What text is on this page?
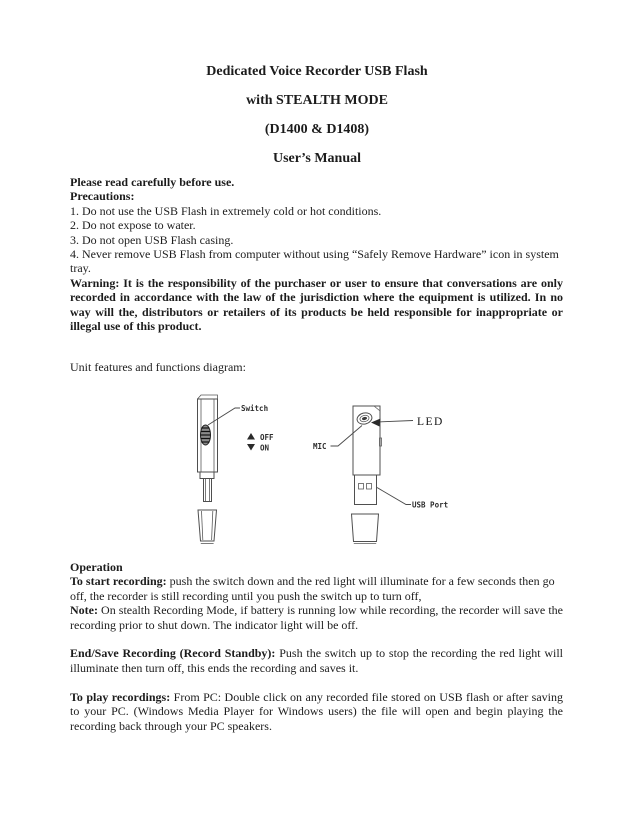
Dedicated Voice Recorder USB Flash
with STEALTH MODE
(D1400 & D1408)
User’s Manual

Please read carefully before use.

Precautions:

1. Do not use the USB Flash in extremely cold or hot conditions.

2. Do not expose to water.

3. Do not open USB Flash casing.

4. Never remove USB Flash from computer without using “Safely Remove Hardware” icon in system tray.

Warning: It is the responsibility of the purchaser or user to ensure that conversations are only recorded in accordance with the law of the jurisdiction where the equipment is utilized. In no way will the, distributors or retailers of its products be held responsible for inappropriate or illegal use of this product.

Unit features and functions diagram:

Switch
OFF
ON
LED
MIC
USB Port

Operation

To start recording: push the switch down and the red light will illuminate for a few seconds then go off, the recorder is still recording until you push the switch up to turn off,

Note: On stealth Recording Mode, if battery is running low while recording, the recorder will save the recording prior to shut down. The indicator light will be off.

End/Save Recording (Record Standby): Push the switch up to stop the recording the red light will illuminate then turn off, this ends the recording and saves it.

To play recordings: From PC: Double click on any recorded file stored on USB flash or after saving to your PC. (Windows Media Player for Windows users) the file will open and begin playing the recording back through your PC speakers.
